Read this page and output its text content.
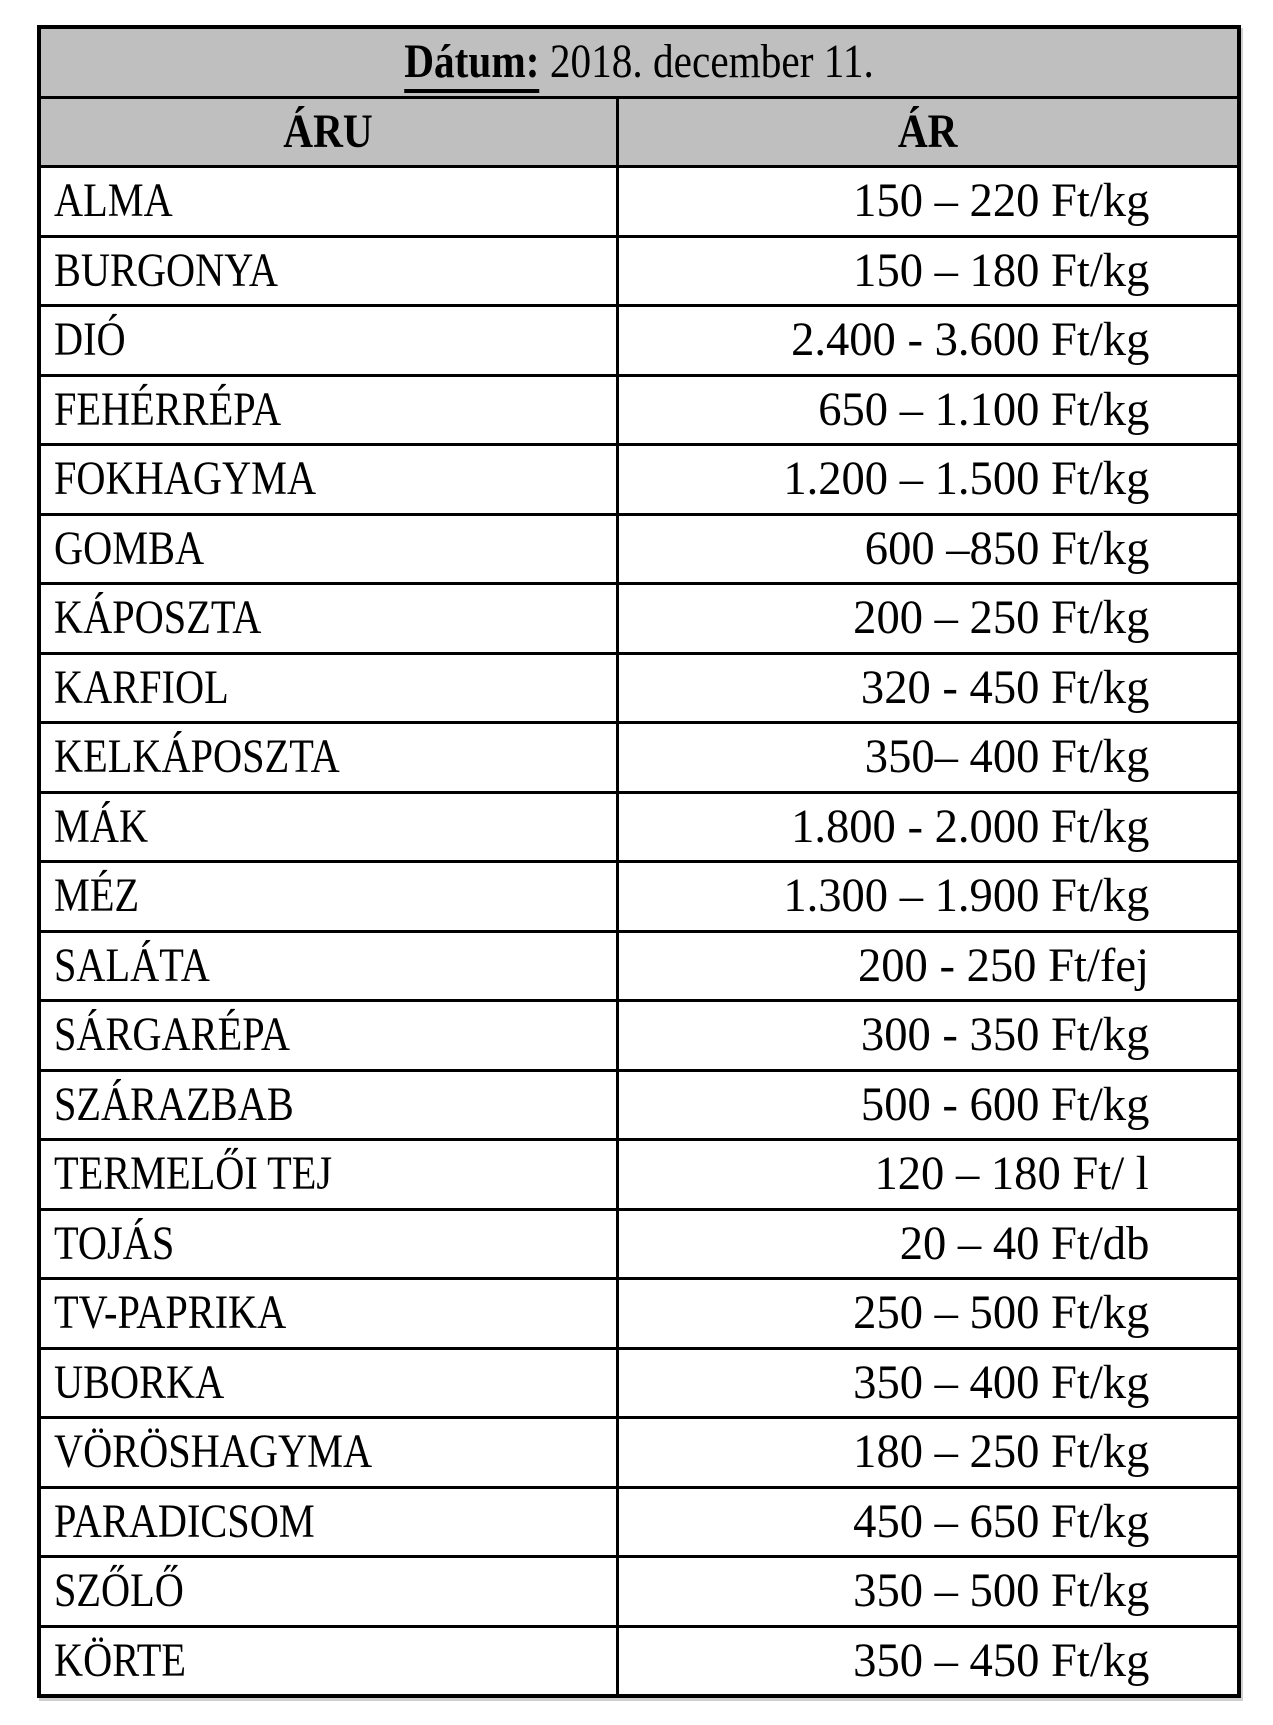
Dátum: 2018. december 11.	
ÁRU	ÁR
ALMA	150 – 220 Ft/kg
BURGONYA	150 – 180 Ft/kg
DIÓ	2.400 - 3.600 Ft/kg
FEHÉRRÉPA	650 – 1.100 Ft/kg
FOKHAGYMA	1.200 – 1.500 Ft/kg
GOMBA	600 –850 Ft/kg
KÁPOSZTA	200 – 250 Ft/kg
KARFIOL	320 - 450 Ft/kg
KELKÁPOSZTA	350– 400 Ft/kg
MÁK	1.800 - 2.000 Ft/kg
MÉZ	1.300 – 1.900 Ft/kg
SALÁTA	200 - 250 Ft/fej
SÁRGARÉPA	300 - 350 Ft/kg
SZÁRAZBAB	500 - 600 Ft/kg
TERMELŐI TEJ	120 – 180 Ft/ l
TOJÁS	20 – 40 Ft/db
TV-PAPRIKA	250 – 500 Ft/kg
UBORKA	350 – 400 Ft/kg
VÖRÖSHAGYMA	180 – 250 Ft/kg
PARADICSOM	450 – 650 Ft/kg
SZŐLŐ	350 – 500 Ft/kg
KÖRTE	350 – 450 Ft/kg
